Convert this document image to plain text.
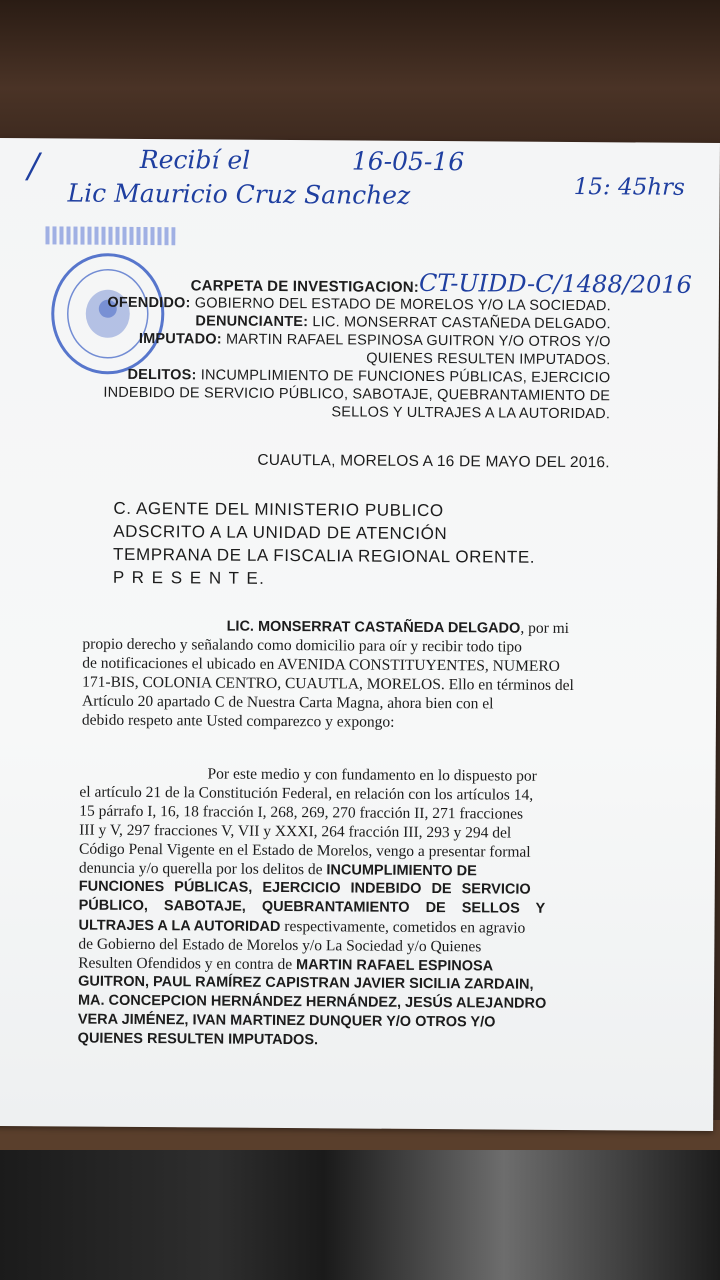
/	Recibí el	16-05-16
Lic Mauricio Cruz Sanchez	15: 45hrs
CARPETA DE INVESTIGACION: CT-UIDD-C/1488/2016
OFENDIDO: GOBIERNO DEL ESTADO DE MORELOS Y/O LA SOCIEDAD.
DENUNCIANTE: LIC. MONSERRAT CASTAÑEDA DELGADO.
IMPUTADO: MARTIN RAFAEL ESPINOSA GUITRON Y/O OTROS Y/O
QUIENES RESULTEN IMPUTADOS.
DELITOS: INCUMPLIMIENTO DE FUNCIONES PÚBLICAS, EJERCICIO
INDEBIDO DE SERVICIO PÚBLICO, SABOTAJE, QUEBRANTAMIENTO DE
SELLOS Y ULTRAJES A LA AUTORIDAD.
CUAUTLA, MORELOS A 16 DE MAYO DEL 2016.
C. AGENTE DEL MINISTERIO PUBLICO
ADSCRITO A LA UNIDAD DE ATENCIÓN
TEMPRANA DE LA FISCALIA REGIONAL ORENTE.
P R E S E N T E.
LIC. MONSERRAT CASTAÑEDA DELGADO, por mi
propio derecho y señalando como domicilio para oír y recibir todo tipo
de notificaciones el ubicado en AVENIDA CONSTITUYENTES, NUMERO
171-BIS, COLONIA CENTRO, CUAUTLA, MORELOS. Ello en términos del
Artículo 20 apartado C de Nuestra Carta Magna, ahora bien con el
debido respeto ante Usted comparezco y expongo:
Por este medio y con fundamento en lo dispuesto por
el artículo 21 de la Constitución Federal, en relación con los artículos 14,
15 párrafo I, 16, 18 fracción I, 268, 269, 270 fracción II, 271 fracciones
III y V, 297 fracciones V, VII y XXXI, 264 fracción III, 293 y 294 del
Código Penal Vigente en el Estado de Morelos, vengo a presentar formal
denuncia y/o querella por los delitos de INCUMPLIMIENTO DE
FUNCIONES PÚBLICAS, EJERCICIO INDEBIDO DE SERVICIO
PÚBLICO, SABOTAJE, QUEBRANTAMIENTO DE SELLOS Y
ULTRAJES A LA AUTORIDAD respectivamente, cometidos en agravio
de Gobierno del Estado de Morelos y/o La Sociedad y/o Quienes
Resulten Ofendidos y en contra de MARTIN RAFAEL ESPINOSA
GUITRON, PAUL RAMÍREZ CAPISTRAN JAVIER SICILIA ZARDAIN,
MA. CONCEPCION HERNÁNDEZ HERNÁNDEZ, JESÚS ALEJANDRO
VERA JIMÉNEZ, IVAN MARTINEZ DUNQUER Y/O OTROS Y/O
QUIENES RESULTEN IMPUTADOS.
